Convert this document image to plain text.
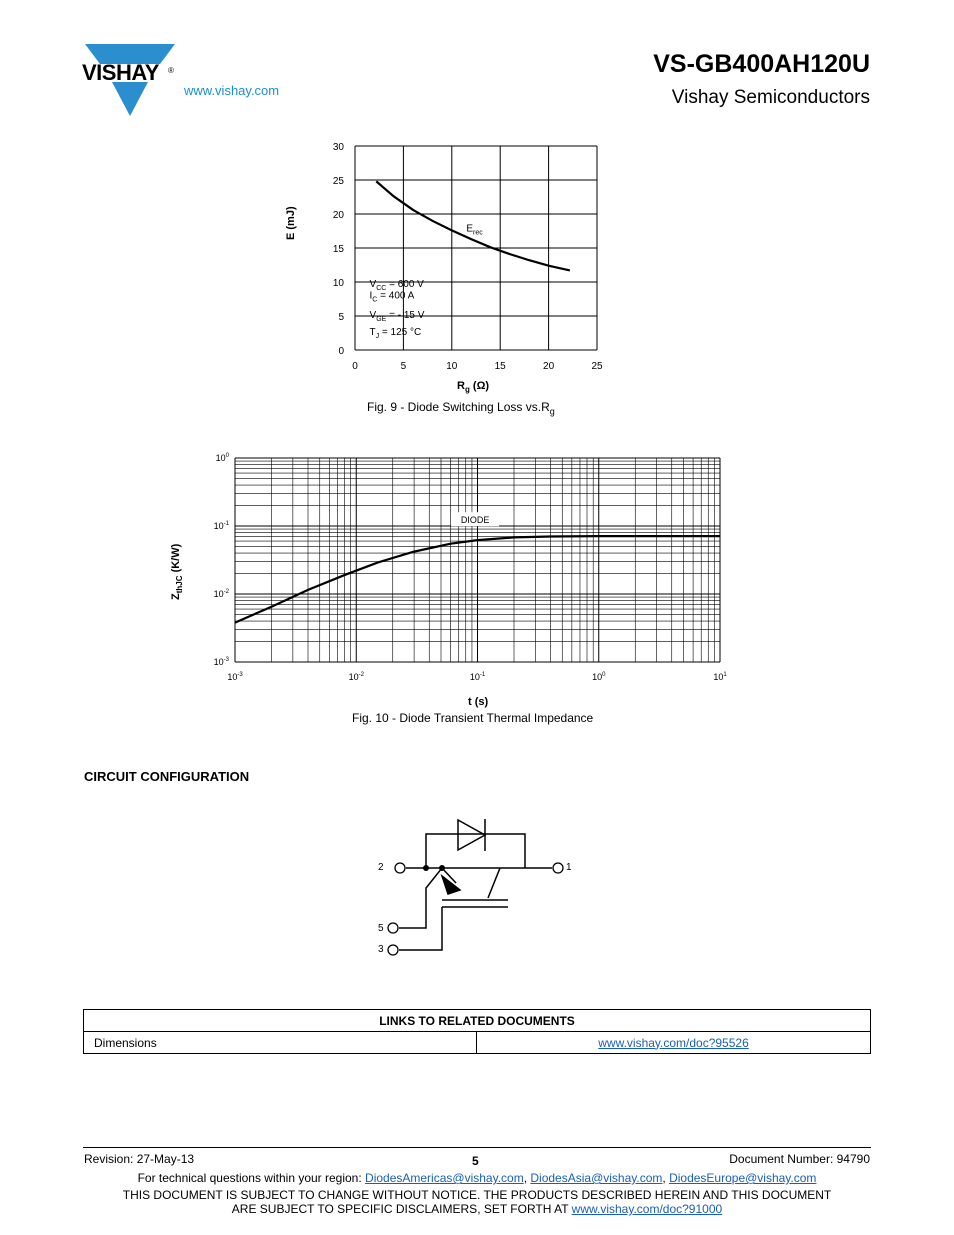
VISHAY ®
www.vishay.com
VS-GB400AH120U
Vishay Semiconductors
0	5	10	15	20	25
0
5
10
15
20
25
30
$E_{rec}$
$V_{CC} = 600$ V
$I_C = 400$ A
$V_{GE}$ = - 15 V
$T_J = 125$ °C
E (mJ)
$R_g$ (Ω)
Fig. 9 - Diode Switching Loss $vs.R_g$
$10^{-3}$	$10^{-2}$	$10^{-1}$	$10^0$	$10^1$
$10^0$
$10^{-1}$
$10^{-2}$
$10^{-3}$
DIODE
$Z_{thJC}$ (K/W)
t (s)
Fig. 10 - Diode Transient Thermal Impedance
CIRCUIT CONFIGURATION
2	1
5
3
LINKS TO RELATED DOCUMENTS
Dimensions	www.vishay.com/doc?95526
Revision: 27-May-13	5	Document Number: 94790
For technical questions within your region: DiodesAmericas@vishay.com, DiodesAsia@vishay.com, DiodesEurope@vishay.com
THIS DOCUMENT IS SUBJECT TO CHANGE WITHOUT NOTICE. THE PRODUCTS DESCRIBED HEREIN AND THIS DOCUMENT
ARE SUBJECT TO SPECIFIC DISCLAIMERS, SET FORTH AT www.vishay.com/doc?91000
